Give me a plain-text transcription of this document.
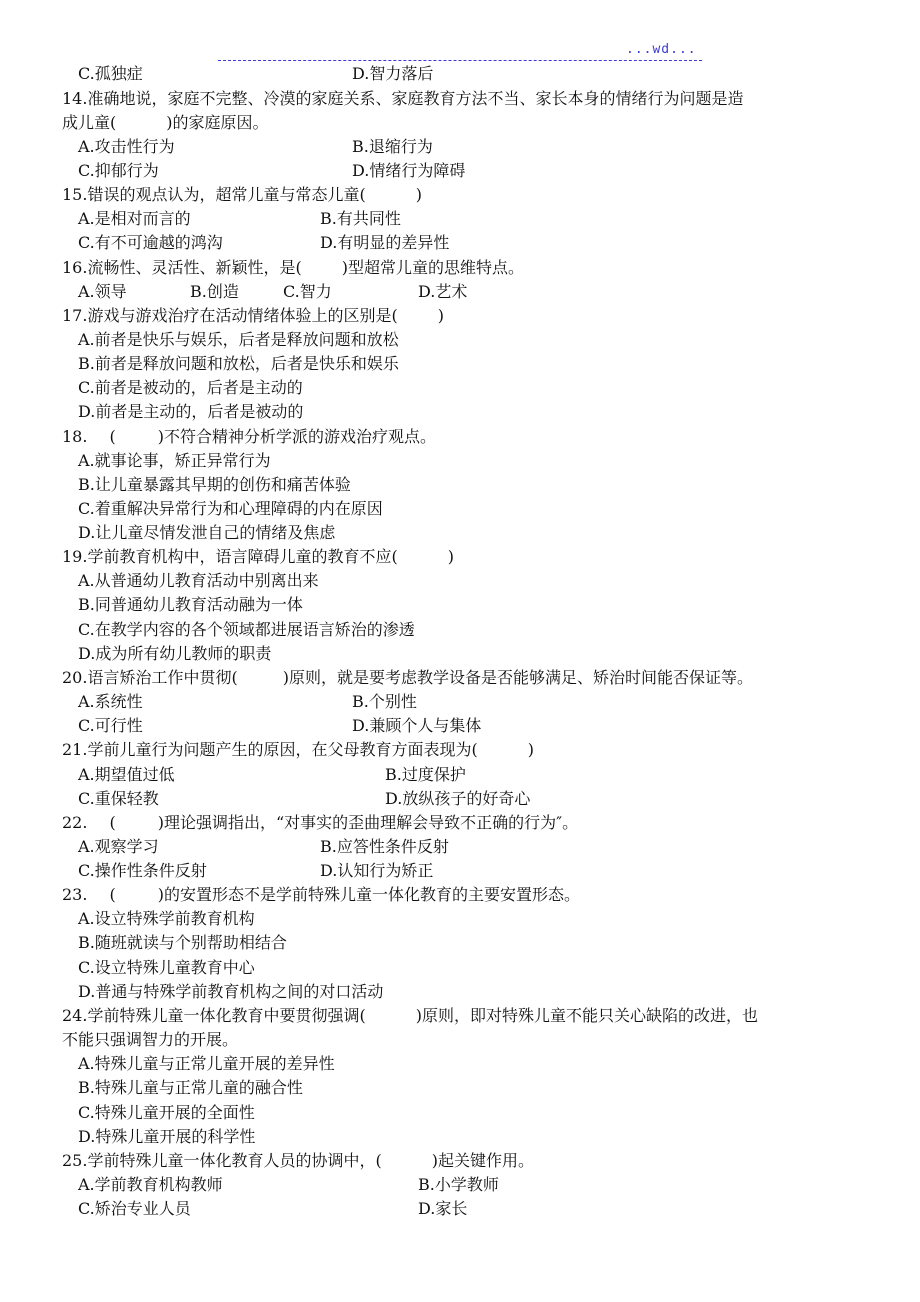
...wd...
C.孤独症	D.智力落后
14.准确地说，家庭不完整、冷漠的家庭关系、家庭教育方法不当、家长本身的情绪行为问题是造
成儿童(	)的家庭原因。
A.攻击性行为	B.退缩行为
C.抑郁行为	D.情绪行为障碍
15.错误的观点认为，超常儿童与常态儿童(	)
A.是相对而言的	B.有共同性
C.有不可逾越的鸿沟	D.有明显的差异性
16.流畅性、灵活性、新颖性，是(	)型超常儿童的思维特点。
A.领导	B.创造	C.智力	D.艺术
17.游戏与游戏治疗在活动情绪体验上的区别是(	)
A.前者是快乐与娱乐，后者是释放问题和放松
B.前者是释放问题和放松，后者是快乐和娱乐
C.前者是被动的，后者是主动的
D.前者是主动的，后者是被动的
18. (	)不符合精神分析学派的游戏治疗观点。
A.就事论事，矫正异常行为
B.让儿童暴露其早期的创伤和痛苦体验
C.着重解决异常行为和心理障碍的内在原因
D.让儿童尽情发泄自己的情绪及焦虑
19.学前教育机构中，语言障碍儿童的教育不应(	)
A.从普通幼儿教育活动中别离出来
B.同普通幼儿教育活动融为一体
C.在教学内容的各个领域都进展语言矫治的渗透
D.成为所有幼儿教师的职责
20.语言矫治工作中贯彻(	)原则，就是要考虑教学设备是否能够满足、矫治时间能否保证等。
A.系统性	B.个别性
C.可行性	D.兼顾个人与集体
21.学前儿童行为问题产生的原因，在父母教育方面表现为(	)
A.期望值过低	B.过度保护
C.重保轻教	D.放纵孩子的好奇心
22. (	)理论强调指出，“对事实的歪曲理解会导致不正确的行为″。
A.观察学习	B.应答性条件反射
C.操作性条件反射	D.认知行为矫正
23. (	)的安置形态不是学前特殊儿童一体化教育的主要安置形态。
A.设立特殊学前教育机构
B.随班就读与个别帮助相结合
C.设立特殊儿童教育中心
D.普通与特殊学前教育机构之间的对口活动
24.学前特殊儿童一体化教育中要贯彻强调(	)原则，即对特殊儿童不能只关心缺陷的改进，也
不能只强调智力的开展。
A.特殊儿童与正常儿童开展的差异性
B.特殊儿童与正常儿童的融合性
C.特殊儿童开展的全面性
D.特殊儿童开展的科学性
25.学前特殊儿童一体化教育人员的协调中，(	)起关键作用。
A.学前教育机构教师	B.小学教师
C.矫治专业人员	D.家长
